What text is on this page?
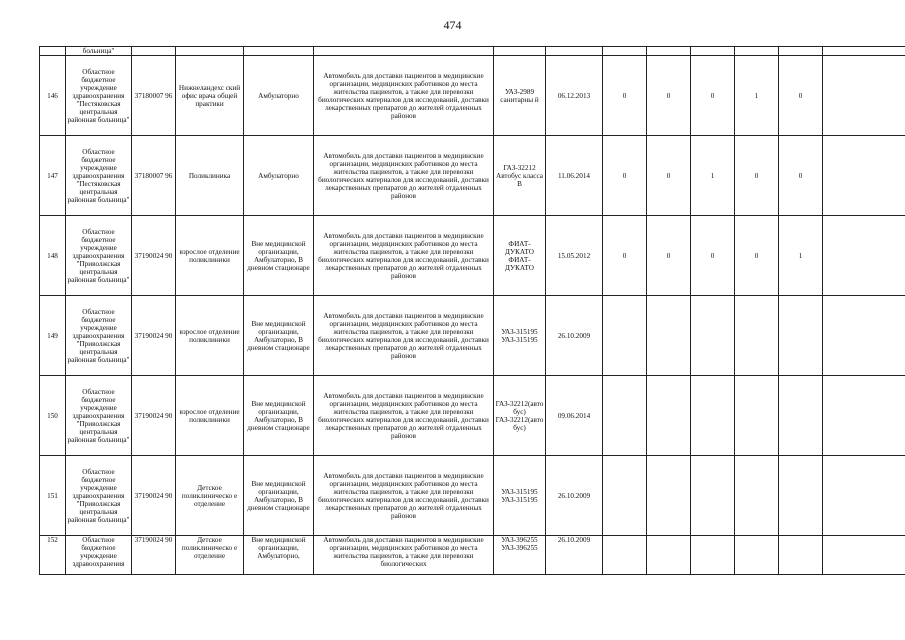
474
	больница"												
146	Областное бюджетное учреждение здравоохранения "Пестяковская центральная районная больница"	37180007 96	Нижнеландехс ский офис врача общей практики	Амбулаторно	Автомобиль для доставки пациентов в медицинские организации, медицинских работников до места жительства пациентов, а также для перевозки биологических материалов для исследований, доставки лекарственных препаратов до жителей отдаленных районов	УАЗ-2989 санитарны й	06.12.2013	0	0	0	1	0	
147	Областное бюджетное учреждение здравоохранения "Пестяковская центральная районная больница"	37180007 96	Поликлиника	Амбулаторно	Автомобиль для доставки пациентов в медицинские организации, медицинских работников до места жительства пациентов, а также для перевозки биологических материалов для исследований, доставки лекарственных препаратов до жителей отдаленных районов	ГАЗ-32212 Автобус класса В	11.06.2014	0	0	1	0	0	
148	Областное бюджетное учреждение здравоохранения "Приволжская центральная районная больница"	37190024 90	взрослое отделение поликлиники	Вне медицинской организации, Амбулаторно, В дневном стационаре	Автомобиль для доставки пациентов в медицинские организации, медицинских работников до места жительства пациентов, а также для перевозки биологических материалов для исследований, доставки лекарственных препаратов до жителей отдаленных районов	ФИАТ-ДУКАТО ФИАТ-ДУКАТО	15.05.2012	0	0	0	0	1	
149	Областное бюджетное учреждение здравоохранения "Приволжская центральная районная больница"	37190024 90	взрослое отделение поликлиники	Вне медицинской организации, Амбулаторно, В дневном стационаре	Автомобиль для доставки пациентов в медицинские организации, медицинских работников до места жительства пациентов, а также для перевозки биологических материалов для исследований, доставки лекарственных препаратов до жителей отдаленных районов	УАЗ-315195 УАЗ-315195	26.10.2009						
150	Областное бюджетное учреждение здравоохранения "Приволжская центральная районная больница"	37190024 90	взрослое отделение поликлиники	Вне медицинской организации, Амбулаторно, В дневном стационаре	Автомобиль для доставки пациентов в медицинские организации, медицинских работников до места жительства пациентов, а также для перевозки биологических материалов для исследований, доставки лекарственных препаратов до жителей отдаленных районов	ГАЗ-32212(авто бус) ГАЗ-32212(авто бус)	09.06.2014						
151	Областное бюджетное учреждение здравоохранения "Приволжская центральная районная больница"	37190024 90	Детское поликлиническо е отделение	Вне медицинской организации, Амбулаторно, В дневном стационаре	Автомобиль для доставки пациентов в медицинские организации, медицинских работников до места жительства пациентов, а также для перевозки биологических материалов для исследований, доставки лекарственных препаратов до жителей отдаленных районов	УАЗ-315195 УАЗ-315195	26.10.2009						
152	Областное бюджетное учреждение здравоохранения	37190024 90	Детское поликлиническо е отделение	Вне медицинской организации, Амбулаторно,	Автомобиль для доставки пациентов в медицинские организации, медицинских работников до места жительства пациентов, а также для перевозки биологических	УАЗ-396255 УАЗ-396255	26.10.2009						
